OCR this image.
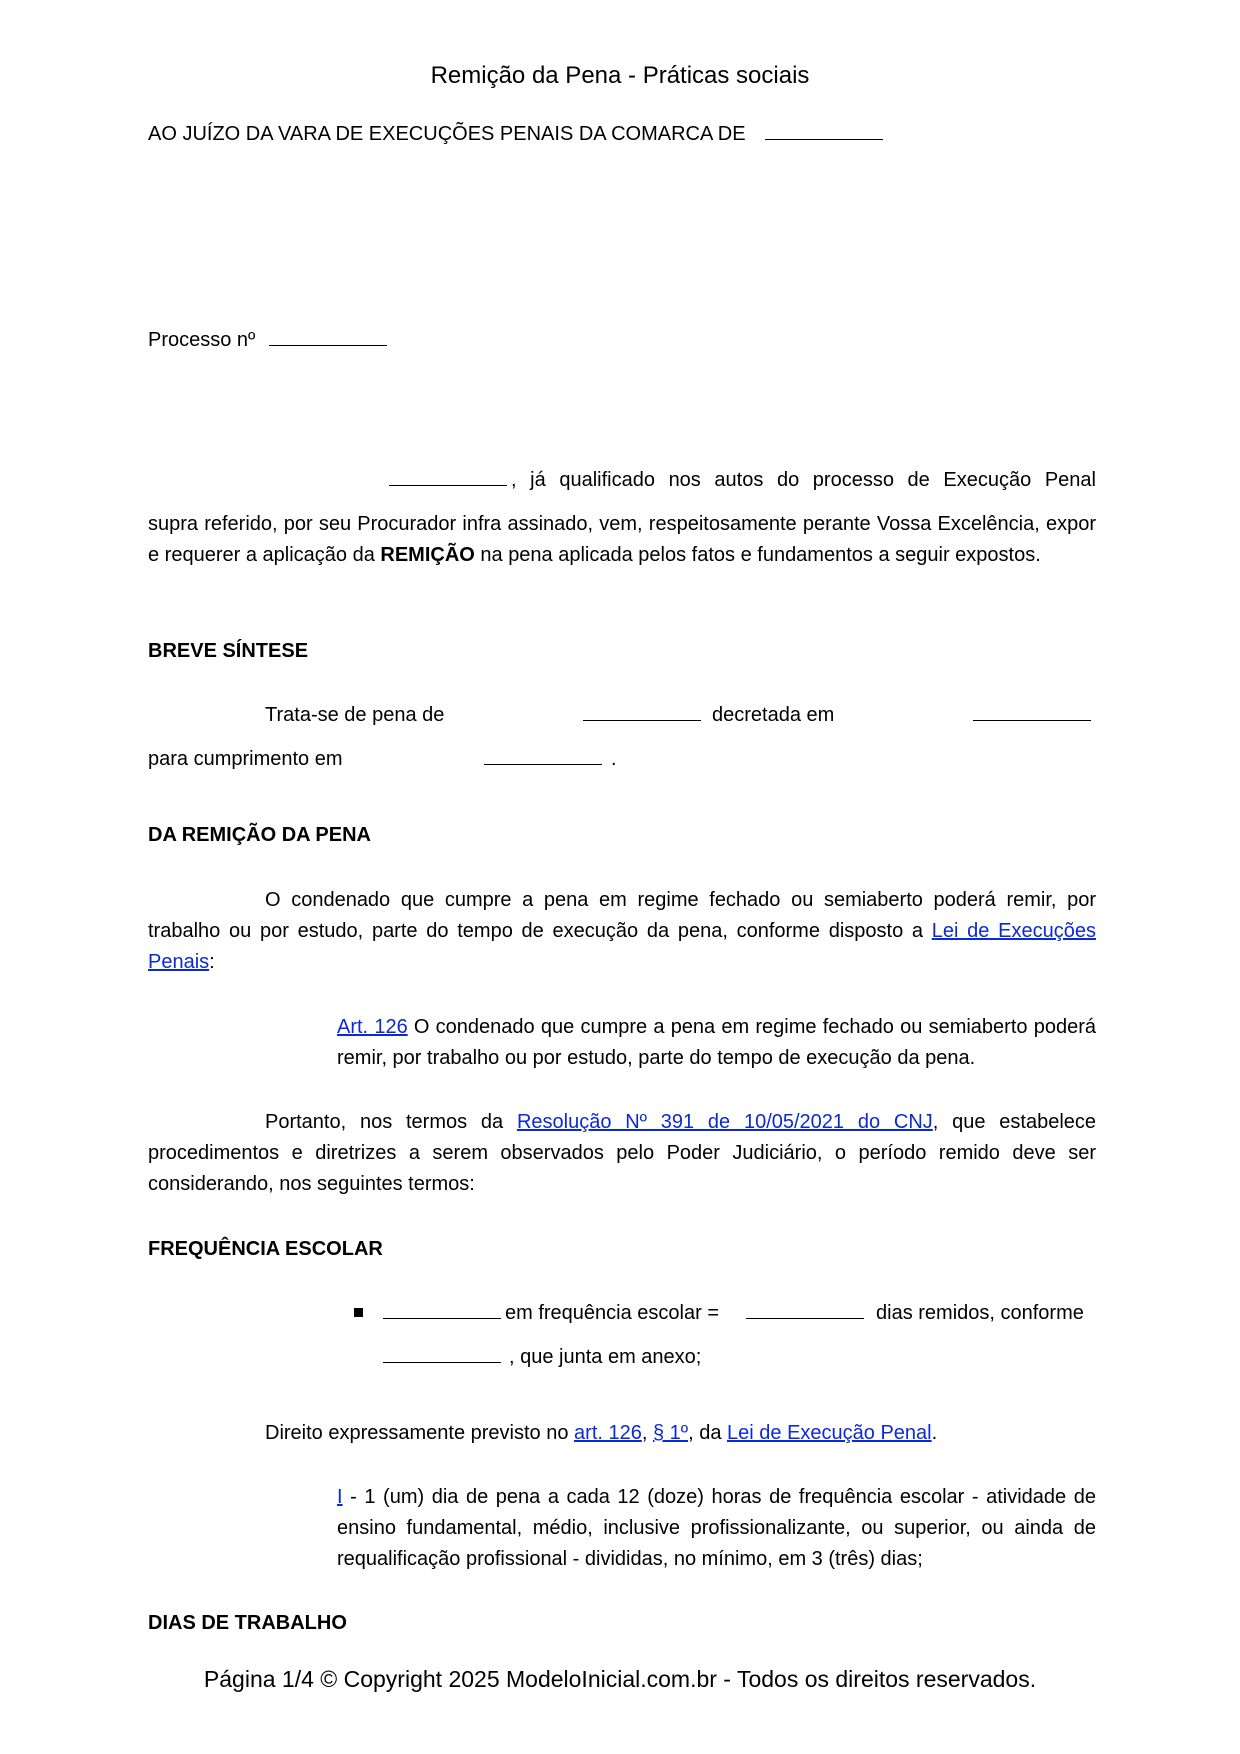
Remição da Pena - Práticas sociais
AO JUÍZO DA VARA DE EXECUÇÕES PENAIS DA COMARCA DE
Processo nº
, já qualificado nos autos do processo de Execução Penal
supra referido, por seu Procurador infra assinado, vem, respeitosamente perante Vossa Excelência, expor e requerer a aplicação da REMIÇÃO na pena aplicada pelos fatos e fundamentos a seguir expostos.
BREVE SÍNTESE
Trata-se de pena de	decretada em
para cumprimento em	.
DA REMIÇÃO DA PENA
O condenado que cumpre a pena em regime fechado ou semiaberto poderá remir, por trabalho ou por estudo, parte do tempo de execução da pena, conforme disposto a Lei de Execuções Penais:
Art. 126 O condenado que cumpre a pena em regime fechado ou semiaberto poderá remir, por trabalho ou por estudo, parte do tempo de execução da pena.
Portanto, nos termos da Resolução Nº 391 de 10/05/2021 do CNJ, que estabelece procedimentos e diretrizes a serem observados pelo Poder Judiciário, o período remido deve ser considerando, nos seguintes termos:
FREQUÊNCIA ESCOLAR
em frequência escolar =	dias remidos, conforme
, que junta em anexo;
Direito expressamente previsto no art. 126, § 1º, da Lei de Execução Penal.
I - 1 (um) dia de pena a cada 12 (doze) horas de frequência escolar - atividade de ensino fundamental, médio, inclusive profissionalizante, ou superior, ou ainda de requalificação profissional - divididas, no mínimo, em 3 (três) dias;
DIAS DE TRABALHO
Página 1/4 © Copyright 2025 ModeloInicial.com.br - Todos os direitos reservados.
